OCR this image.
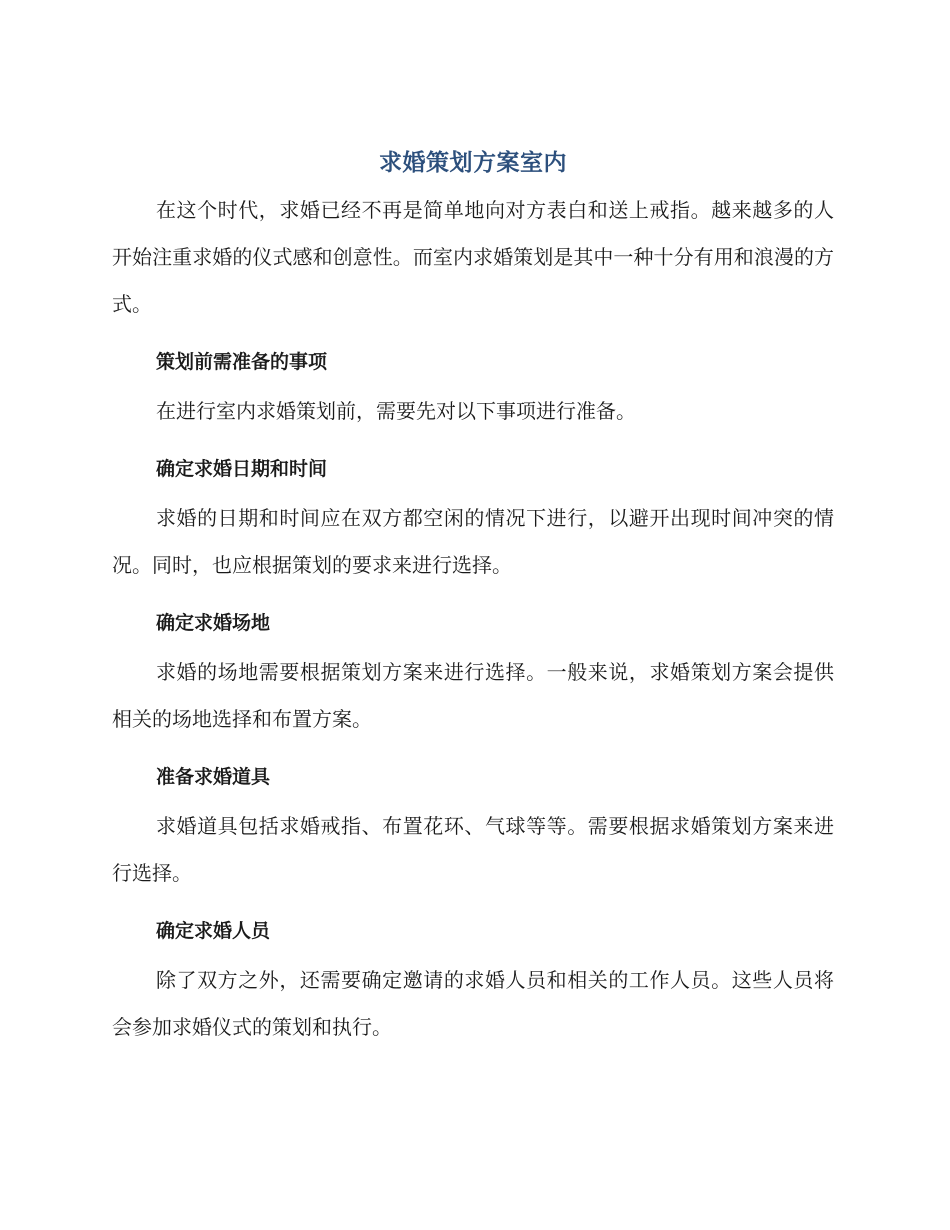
求婚策划方案室内

在这个时代，求婚已经不再是简单地向对方表白和送上戒指。越来越多的人开始注重求婚的仪式感和创意性。而室内求婚策划是其中一种十分有用和浪漫的方式。

策划前需准备的事项

在进行室内求婚策划前，需要先对以下事项进行准备。

确定求婚日期和时间

求婚的日期和时间应在双方都空闲的情况下进行，以避开出现时间冲突的情况。同时，也应根据策划的要求来进行选择。

确定求婚场地

求婚的场地需要根据策划方案来进行选择。一般来说，求婚策划方案会提供相关的场地选择和布置方案。

准备求婚道具

求婚道具包括求婚戒指、布置花环、气球等等。需要根据求婚策划方案来进行选择。

确定求婚人员

除了双方之外，还需要确定邀请的求婚人员和相关的工作人员。这些人员将会参加求婚仪式的策划和执行。
